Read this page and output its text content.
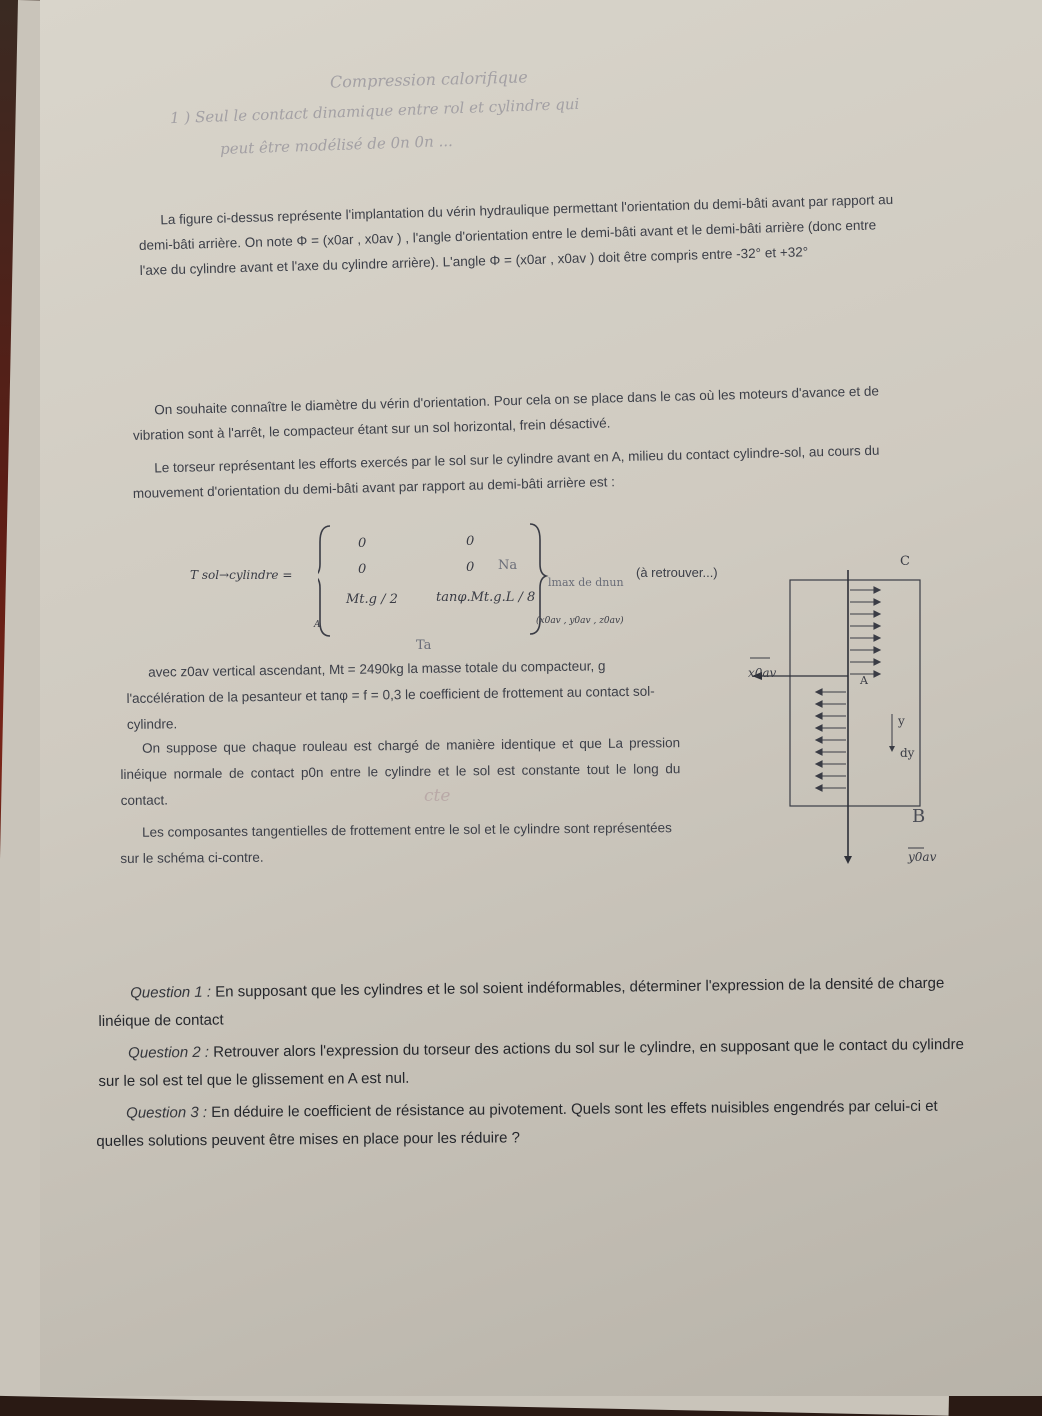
Compression calorifique
1 ) Seul le contact dinamique entre rol et cylindre qui
peut être modélisé de 0n 0n ...

La figure ci-dessus représente l'implantation du vérin hydraulique permettant l'orientation du demi-bâti avant par rapport au demi-bâti arrière. On note Φ = (x0ar , x0av ) , l'angle d'orientation entre le demi-bâti avant et le demi-bâti arrière (donc entre l'axe du cylindre avant et l'axe du cylindre arrière). L'angle Φ = (x0ar , x0av ) doit être compris entre -32° et +32°

On souhaite connaître le diamètre du vérin d'orientation. Pour cela on se place dans le cas où les moteurs d'avance et de vibration sont à l'arrêt, le compacteur étant sur un sol horizontal, frein désactivé.

Le torseur représentant les efforts exercés par le sol sur le cylindre avant en A, milieu du contact cylindre-sol, au cours du mouvement d'orientation du demi-bâti avant par rapport au demi-bâti arrière est :

T sol→cylindre =
0
0
Mt.g / 2
0
0
tanφ.Mt.g.L / 8
A	(x0av , y0av , z0av)
(à retrouver...)
Na
lmax de dnun
Ta

avec z0av vertical ascendant, Mt = 2490kg la masse totale du compacteur, g l'accélération de la pesanteur et tanφ = f = 0,3 le coefficient de frottement au contact sol-cylindre.

On suppose que chaque rouleau est chargé de manière identique et que La pression linéique normale de contact p0n entre le cylindre et le sol est constante tout le long du contact.	cte

Les composantes tangentielles de frottement entre le sol et le cylindre sont représentées sur le schéma ci-contre.

C
A
y
dy
B
x0av
y0av

Question 1 : En supposant que les cylindres et le sol soient indéformables, déterminer l'expression de la densité de charge linéique de contact

Question 2 : Retrouver alors l'expression du torseur des actions du sol sur le cylindre, en supposant que le contact du cylindre sur le sol est tel que le glissement en A est nul.

Question 3 : En déduire le coefficient de résistance au pivotement. Quels sont les effets nuisibles engendrés par celui-ci et quelles solutions peuvent être mises en place pour les réduire ?
